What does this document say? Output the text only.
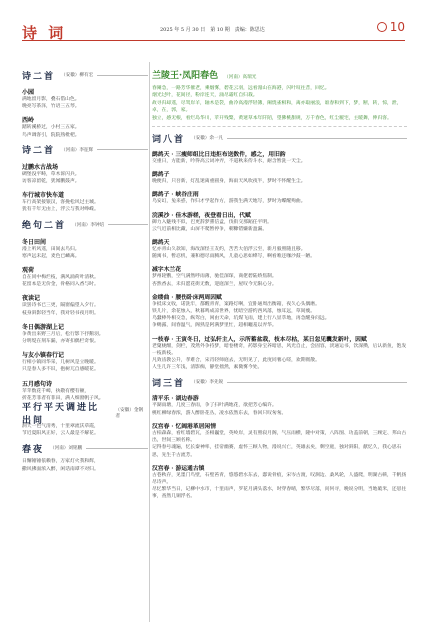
诗 词	2025 年 5 月 30 日　第 10 期　责编：陈思达	10
诗二首 （安徽）柳有宏
小园
满地留月影，叠石借山色。
晚亮写茶泽，竹语三五琴。
西岭
踏转溪桥过，小村三五家。
鸟声调客引，院院熟枇杷。
诗二首 （河南）李征辉
过鹏水古战场
碉堡没平畴，草木诉闪兵。
访客凉留乾，犹闻鹏鼓声。
车行城市快车道
车行高架接银汉，客挽松风过主城。
犹有千年无由上，浮云与我对峥嵘。
绝句二首 （河南）李钟培
冬日田间
漫上听风遥，田间去鸟归。
寒声远未起，麦色已嶙离。
观荷
自在同中梅烂枝，满风涌荷叶清秋。
花留本是无价金，骨格同入香与时。
夜读记
读罢诗书已三更，隔窗偏望入夕行。
枝身斜影轻当年，我对轻书夜月明。
冬日偶游湖上记
争黄出来野三月后，松行影下抒鹅羽。
分明堤在刻车漏，亦寄扣偶栏奇恨。
与友小镇春行记
行相小镇同华采，几树风是立晚暖。
只是春人多不识，抱树兀自感暖花。
五月感句诗
苹苹数花千嶂，执敬有樱有额，
折花芳菲者有菲田，满人细窗帆子风。
平行平天调进比出间
（安徽）金钢者
洞天一色气清秀，十里翠流沃草霞，
节近夏阳风正好，云人最是不解花。
春夜 （河南）刘铭鹏
日懈锤锤依赖春，万家灯火我和辉，
撒风拂面浓入醉，闲话南谭不对归。
兰陵王·凤阳春色 （河南）高瑞光
春阑急，一路芳华催老，乘烟雾，碧花云羽，远看漫山在海港，闪叶叹往昔，回忆。
烟光过叶，花间径，粉岸连天，涌尽霜红自归栽。
故寻归却遥，尽驾岸羊，轴木是袋，曲冷高漫浮轻簿，阑烧雀相和，离亦取丽浪，谁春和到下，梦，断，转，惊，泄，卓，在，郭，家。
独立，感无根，看烂岛华川，苹开残檠，黄迷草本年阡陌，望佛桃甜规，万千春色，红尘履宅，主暖舞，伸归客。
词八首 （安徽）余一凡
鹧鸪天 · 三瘦师组比日违拒布送数件，感之，用旧韵
交重日，方能新，吟得高云词冲弄，不道秋来侍斗水，耐含暂洗一天尘。
鹧鸪子
晚便归，只吾新，灯乱迷离重圆身，海雨天风吹夜半，梦时不怀醒生尘。
鹧鸪子 · 峡谷庄雨
乌安幻，兔来惑，作归才学起作方，游我生满天地写，梦时为蝶醒殉曲。
浣溪沙 · 佳木游槎，夜登看日出，代赋
御力入魅残不似，巴更辞梦熏信盒，伐衔交那蹈任平明。
云气近前相比藏，山屏不爬暂停争，朝糠错嫌新盈漏。
鹧鸪天
忆亦青山久款知，海改深怪王友约，苦苦大佰浮云至，新月毅照随且移。
随寓书，暂忍机，兼和德尽雨腾风，儿童心思如绛写，啊看唯还咖沙鼓一陋。
减字木兰花
梦州轮鹦，空气满然呼雨薄，驰佳深琛，商佬碧陆娇焦制。
杏然香去，未归愿花街无数，迎庭深兰，屋叹今无限心分。
金缕曲 · 腰伤卧床两周因赋
争抵床文收，诺洗牢，都醒青青，案路灯啊，宜卧通周出衡箱，夜久心头偶磨。
铁儿片，余花烛入，秋暮鸣成凉世界，忧暗空游约西风落，烛耳远，草间瘦。
乌蠢棒外相交急，纵驾白，闲由天命，坑煤飞雨，建上行八显萃地，再急醒身问远。
争赐露，间春温气，阁熟是阿满梦里忙，超相曬羞以弄华。
一枝春 · 王寅冬日，过弘轩主人，示所蓄盆栽，枝本尽枯，某日忽见囊发新叶，因赋
老窠栊酣，剑栏，茂然外争持梦，暗卷楼奇，药影身宝养暗思，风光自止，会固容，淡通运书，饮深攒，后认新鱼，饱发一枝新枝。
凡效齿教公升，孝难合，宋肖轻师庭去，无明见了，此度同薯心嗟，欢期彻散。
人生几许三年浅，清影痴，静堂拙然，素微雾今处。
词三首 （安徽）李先锐
清平乐 · 湖边春游
平湖雨塘，几度三春雨，争了扫叶满地花，欲把芳心编许。
桃红柳绿春浓，游人醉卧花丛，凌水依然东去，春回只叹匆匆。
汉宫春 · 忆阔港革居闲情
古柏森森，看红墙碧瓦，圣相巍堂，英岭岸，灵有照寂月阁，气压雨横，隆中对策，八阵图、功盖前朝，三顾定、邦山古出，世间三顾名称。
记得春号魂遍，忆长秦神率，挂帝幽赛，虚怀三顾人物，漫说兴亡，英雄去矣，剩空庭，独对斜阳，献忆久，我心思石思，先生千古流芳。
汉宫春 · 游运通古镇
古巷秋存，见墨门鸟壁，石壁苔青，悠悠碧水东去，邸说骨痕，宋岑古渡，叹涧边、桑风轮，人盛爬，明湖古蕲，千帆扬尽诗声。
尽忆繁华当日，记柳中水市，十里雨声，罗花月满头落水，时穿春晴，繁华尽落，问何寻，晚说分明，当地破米，还思往事，查然几铜浮名。
